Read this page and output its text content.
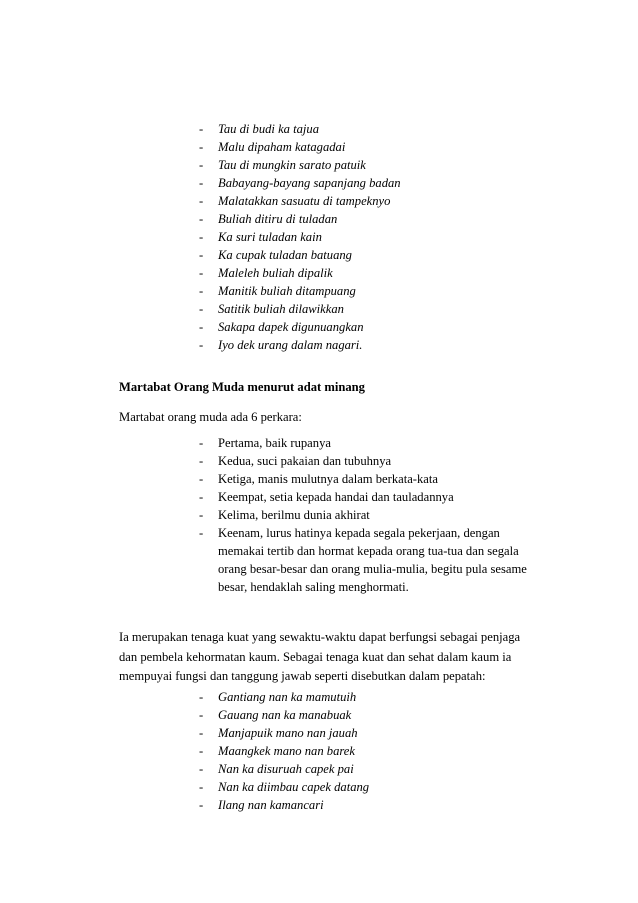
- Tau di budi ka tajua
- Malu dipaham katagadai
- Tau di mungkin sarato patuik
- Babayang-bayang sapanjang badan
- Malatakkan sasuatu di tampeknyo
- Buliah ditiru di tuladan
- Ka suri tuladan kain
- Ka cupak tuladan batuang
- Maleleh buliah dipalik
- Manitik buliah ditampuang
- Satitik buliah dilawikkan
- Sakapa dapek digunuangkan
- Iyo dek urang dalam nagari.
Martabat Orang Muda menurut adat minang
Martabat orang muda ada 6 perkara:
- Pertama, baik rupanya
- Kedua, suci pakaian dan tubuhnya
- Ketiga, manis mulutnya dalam berkata-kata
- Keempat, setia kepada handai dan tauladannya
- Kelima, berilmu dunia akhirat
- Keenam, lurus hatinya kepada segala pekerjaan, dengan memakai tertib dan hormat kepada orang tua-tua dan segala orang besar-besar dan orang mulia-mulia, begitu pula sesame besar, hendaklah saling menghormati.
Ia merupakan tenaga kuat yang sewaktu-waktu dapat berfungsi sebagai penjaga dan pembela kehormatan kaum. Sebagai tenaga kuat dan sehat dalam kaum ia mempuyai fungsi dan tanggung jawab seperti disebutkan dalam pepatah:
- Gantiang nan ka mamutuih
- Gauang nan ka manabuak
- Manjapuik mano nan jauah
- Maangkek mano nan barek
- Nan ka disuruah capek pai
- Nan ka diimbau capek datang
- Ilang nan kamancari
